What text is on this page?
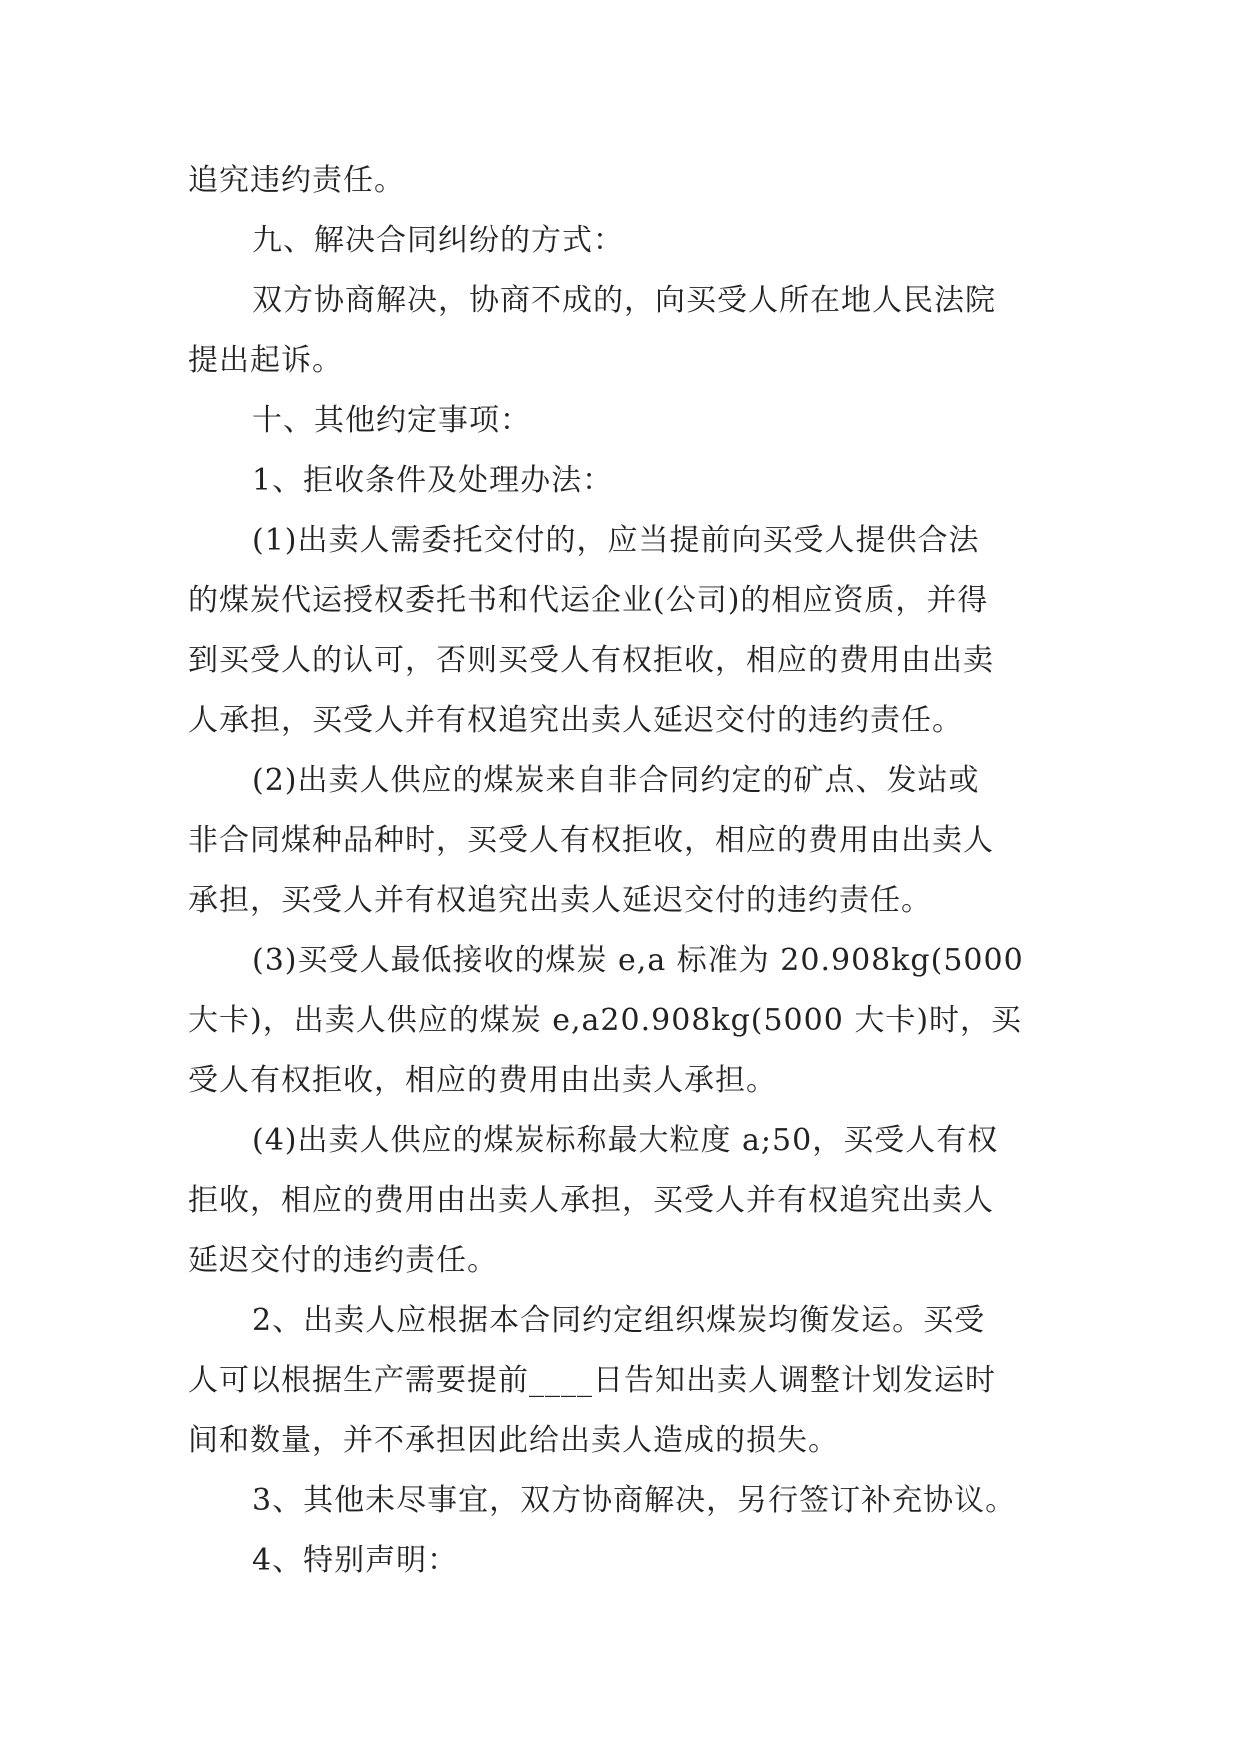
追究违约责任。
九、解决合同纠纷的方式：
双方协商解决，协商不成的，向买受人所在地人民法院
提出起诉。
十、其他约定事项：
1、拒收条件及处理办法：
(1)出卖人需委托交付的，应当提前向买受人提供合法
的煤炭代运授权委托书和代运企业(公司)的相应资质，并得
到买受人的认可，否则买受人有权拒收，相应的费用由出卖
人承担，买受人并有权追究出卖人延迟交付的违约责任。
(2)出卖人供应的煤炭来自非合同约定的矿点、发站或
非合同煤种品种时，买受人有权拒收，相应的费用由出卖人
承担，买受人并有权追究出卖人延迟交付的违约责任。
(3)买受人最低接收的煤炭 e,a 标准为 20.908kg(5000
大卡)，出卖人供应的煤炭 e,a20.908kg(5000 大卡)时，买
受人有权拒收，相应的费用由出卖人承担。
(4)出卖人供应的煤炭标称最大粒度 a;50，买受人有权
拒收，相应的费用由出卖人承担，买受人并有权追究出卖人
延迟交付的违约责任。
2、出卖人应根据本合同约定组织煤炭均衡发运。买受
人可以根据生产需要提前____日告知出卖人调整计划发运时
间和数量，并不承担因此给出卖人造成的损失。
3、其他未尽事宜，双方协商解决，另行签订补充协议。
4、特别声明：
